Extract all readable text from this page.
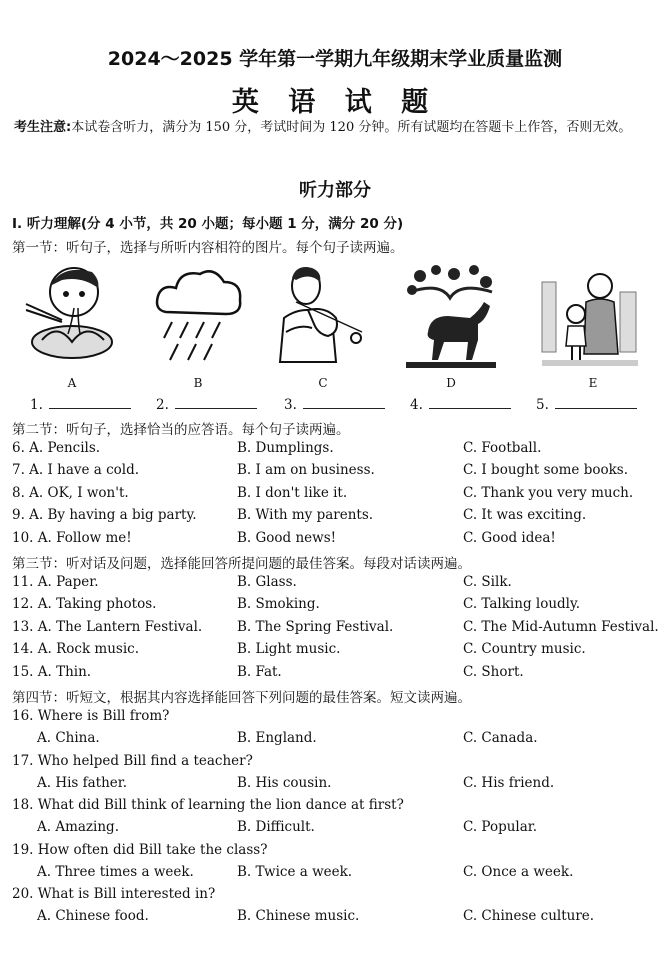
2024～2025 学年第一学期九年级期末学业质量监测
英 语 试 题
考生注意:本试卷含听力，满分为 150 分，考试时间为 120 分钟。所有试题均在答题卡上作答，否则无效。
听力部分
Ⅰ. 听力理解(分 4 小节，共 20 小题；每小题 1 分，满分 20 分)
第一节：听句子，选择与所听内容相符的图片。每个句子读两遍。
A	B	C	D	E
1.	2.	3.	4.	5.
第二节：听句子，选择恰当的应答语。每个句子读两遍。
6. A. Pencils.	B. Dumplings.	C. Football.
7. A. I have a cold.	B. I am on business.	C. I bought some books.
8. A. OK, I won't.	B. I don't like it.	C. Thank you very much.
9. A. By having a big party.	B. With my parents.	C. It was exciting.
10. A. Follow me!	B. Good news!	C. Good idea!
第三节：听对话及问题，选择能回答所提问题的最佳答案。每段对话读两遍。
11. A. Paper.	B. Glass.	C. Silk.
12. A. Taking photos.	B. Smoking.	C. Talking loudly.
13. A. The Lantern Festival.	B. The Spring Festival.	C. The Mid-Autumn Festival.
14. A. Rock music.	B. Light music.	C. Country music.
15. A. Thin.	B. Fat.	C. Short.
第四节：听短文，根据其内容选择能回答下列问题的最佳答案。短文读两遍。
16. Where is Bill from?
A. China.	B. England.	C. Canada.
17. Who helped Bill find a teacher?
A. His father.	B. His cousin.	C. His friend.
18. What did Bill think of learning the lion dance at first?
A. Amazing.	B. Difficult.	C. Popular.
19. How often did Bill take the class?
A. Three times a week.	B. Twice a week.	C. Once a week.
20. What is Bill interested in?
A. Chinese food.	B. Chinese music.	C. Chinese culture.
